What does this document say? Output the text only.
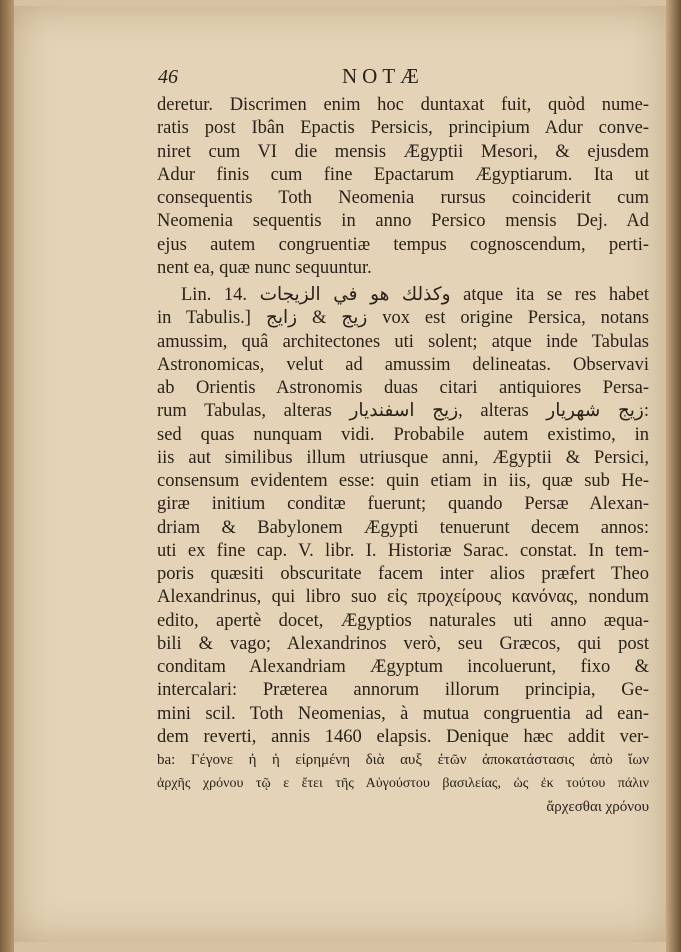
46	NOTÆ
deretur. Discrimen enim hoc duntaxat fuit, quòd nume-
ratis post Ibân Epactis Persicis, principium Adur conve-
niret cum VI die mensis Ægyptii Mesori, & ejusdem
Adur finis cum fine Epactarum Ægyptiarum. Ita ut
consequentis Toth Neomenia rursus coinciderit cum
Neomenia sequentis in anno Persico mensis Dej. Ad
ejus autem congruentiæ tempus cognoscendum, perti-
nent ea, quæ nunc sequuntur.
Lin. 14. وكذلك هو في الزيجات atque ita se res habet
in Tabulis.] زيج & زايج vox est origine Persica, notans
amussim, quâ architectones uti solent; atque inde Tabulas
Astronomicas, velut ad amussim delineatas. Observavi
ab Orientis Astronomis duas citari antiquiores Persa-
rum Tabulas, alteras زيج اسفنديار, alteras زيج شهريار:
sed quas nunquam vidi. Probabile autem existimo, in
iis aut similibus illum utriusque anni, Ægyptii & Persici,
consensum evidentem esse: quin etiam in iis, quæ sub He-
giræ initium conditæ fuerunt; quando Persæ Alexan-
driam & Babylonem Ægypti tenuerunt decem annos:
uti ex fine cap. V. libr. I. Historiæ Sarac. constat. In tem-
poris quæsiti obscuritate facem inter alios præfert Theo
Alexandrinus, qui libro suo εἰς προχείρους κανόνας, nondum
edito, apertè docet, Ægyptios naturales uti anno æqua-
bili & vago; Alexandrinos verò, seu Græcos, qui post
conditam Alexandriam Ægyptum incoluerunt, fixo &
intercalari: Præterea annorum illorum principia, Ge-
mini scil. Toth Neomenias, à mutua congruentia ad ean-
dem reverti, annis 1460 elapsis. Denique hæc addit ver-
ba: Γέγονε ἡ ἡ εἰρημένη διὰ αυξ ἐτῶν ἀποκατάστασις ἀπὸ ἴων
ἀρχῆς χρόνου τῷ ε ἔτει τῆς Αὐγούστου βασιλείας, ὡς ἐκ τούτου πάλιν
ἄρχεσθαι χρόνου
